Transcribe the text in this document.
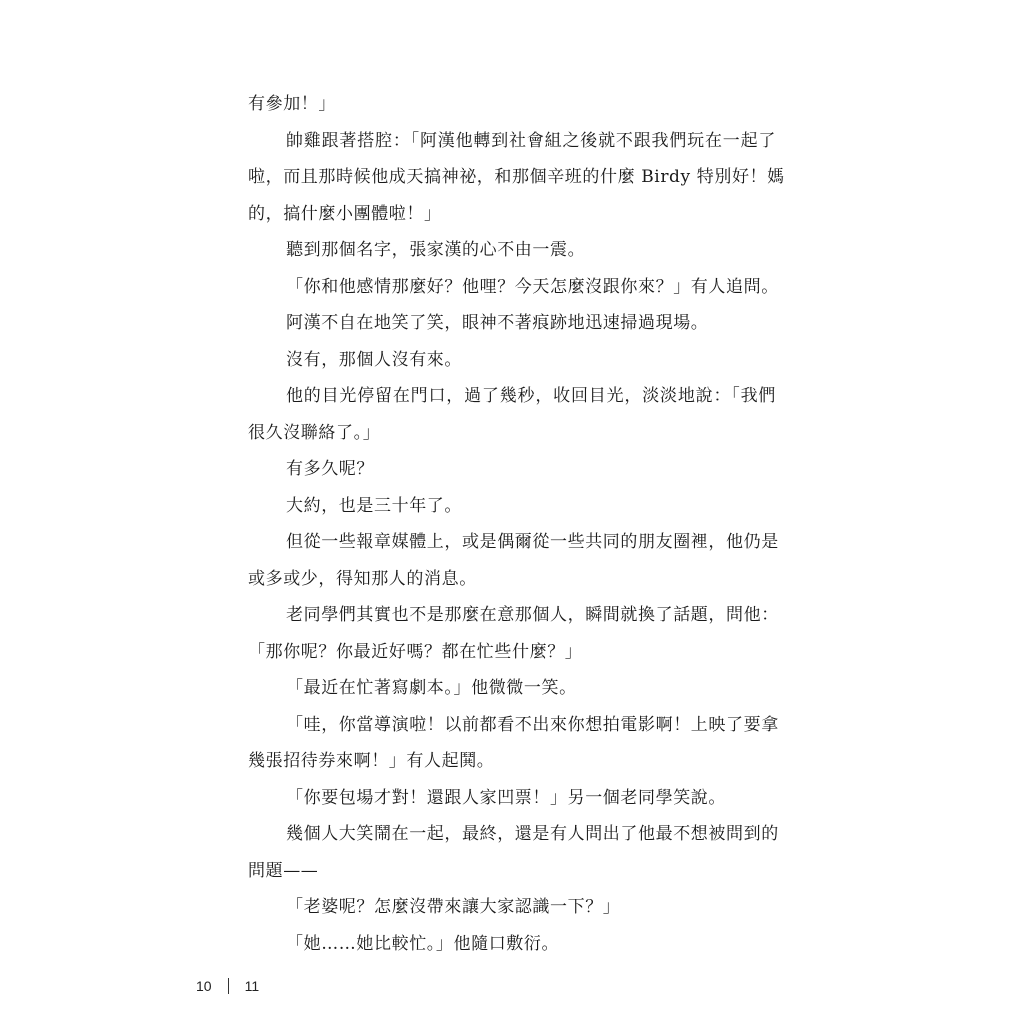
有參加！」
帥雞跟著搭腔：「阿漢他轉到社會組之後就不跟我們玩在一起了
啦，而且那時候他成天搞神祕，和那個辛班的什麼 Birdy 特別好！媽
的，搞什麼小團體啦！」
聽到那個名字，張家漢的心不由一震。
「你和他感情那麼好？他哩？今天怎麼沒跟你來？」有人追問。
阿漢不自在地笑了笑，眼神不著痕跡地迅速掃過現場。
沒有，那個人沒有來。
他的目光停留在門口，過了幾秒，收回目光，淡淡地說：「我們
很久沒聯絡了。」
有多久呢？
大約，也是三十年了。
但從一些報章媒體上，或是偶爾從一些共同的朋友圈裡，他仍是
或多或少，得知那人的消息。
老同學們其實也不是那麼在意那個人，瞬間就換了話題，問他：
「那你呢？你最近好嗎？都在忙些什麼？」
「最近在忙著寫劇本。」他微微一笑。
「哇，你當導演啦！以前都看不出來你想拍電影啊！上映了要拿
幾張招待券來啊！」有人起鬨。
「你要包場才對！還跟人家凹票！」另一個老同學笑說。
幾個人大笑鬧在一起，最終，還是有人問出了他最不想被問到的
問題——
「老婆呢？怎麼沒帶來讓大家認識一下？」
「她……她比較忙。」他隨口敷衍。
10 11
